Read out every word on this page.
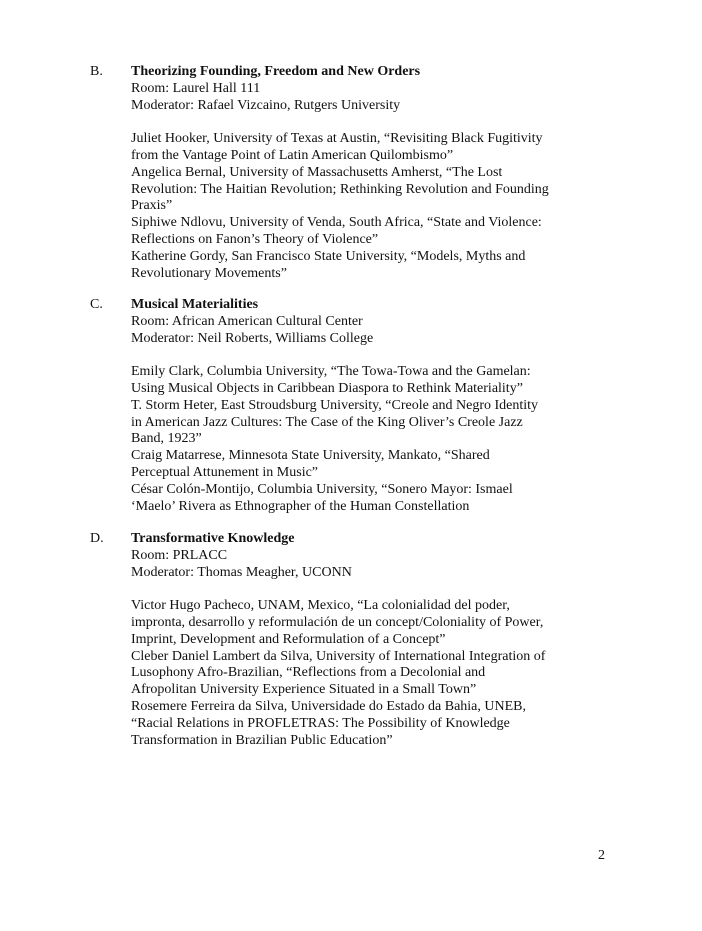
B. Theorizing Founding, Freedom and New Orders
Room: Laurel Hall 111
Moderator: Rafael Vizcaino, Rutgers University
Juliet Hooker, University of Texas at Austin, “Revisiting Black Fugitivity
from the Vantage Point of Latin American Quilombismo”
Angelica Bernal, University of Massachusetts Amherst, “The Lost
Revolution: The Haitian Revolution; Rethinking Revolution and Founding
Praxis”
Siphiwe Ndlovu, University of Venda, South Africa, “State and Violence:
Reflections on Fanon’s Theory of Violence”
Katherine Gordy, San Francisco State University, “Models, Myths and
Revolutionary Movements”
C. Musical Materialities
Room: African American Cultural Center
Moderator: Neil Roberts, Williams College
Emily Clark, Columbia University, “The Towa-Towa and the Gamelan:
Using Musical Objects in Caribbean Diaspora to Rethink Materiality”
T. Storm Heter, East Stroudsburg University, “Creole and Negro Identity
in American Jazz Cultures: The Case of the King Oliver’s Creole Jazz
Band, 1923”
Craig Matarrese, Minnesota State University, Mankato, “Shared
Perceptual Attunement in Music”
César Colón-Montijo, Columbia University, “Sonero Mayor: Ismael
‘Maelo’ Rivera as Ethnographer of the Human Constellation
D. Transformative Knowledge
Room: PRLACC
Moderator: Thomas Meagher, UCONN
Victor Hugo Pacheco, UNAM, Mexico, “La colonialidad del poder,
impronta, desarrollo y reformulación de un concept/Coloniality of Power,
Imprint, Development and Reformulation of a Concept”
Cleber Daniel Lambert da Silva, University of International Integration of
Lusophony Afro-Brazilian, “Reflections from a Decolonial and
Afropolitan University Experience Situated in a Small Town”
Rosemere Ferreira da Silva, Universidade do Estado da Bahia, UNEB,
“Racial Relations in PROFLETRAS: The Possibility of Knowledge
Transformation in Brazilian Public Education”
2
